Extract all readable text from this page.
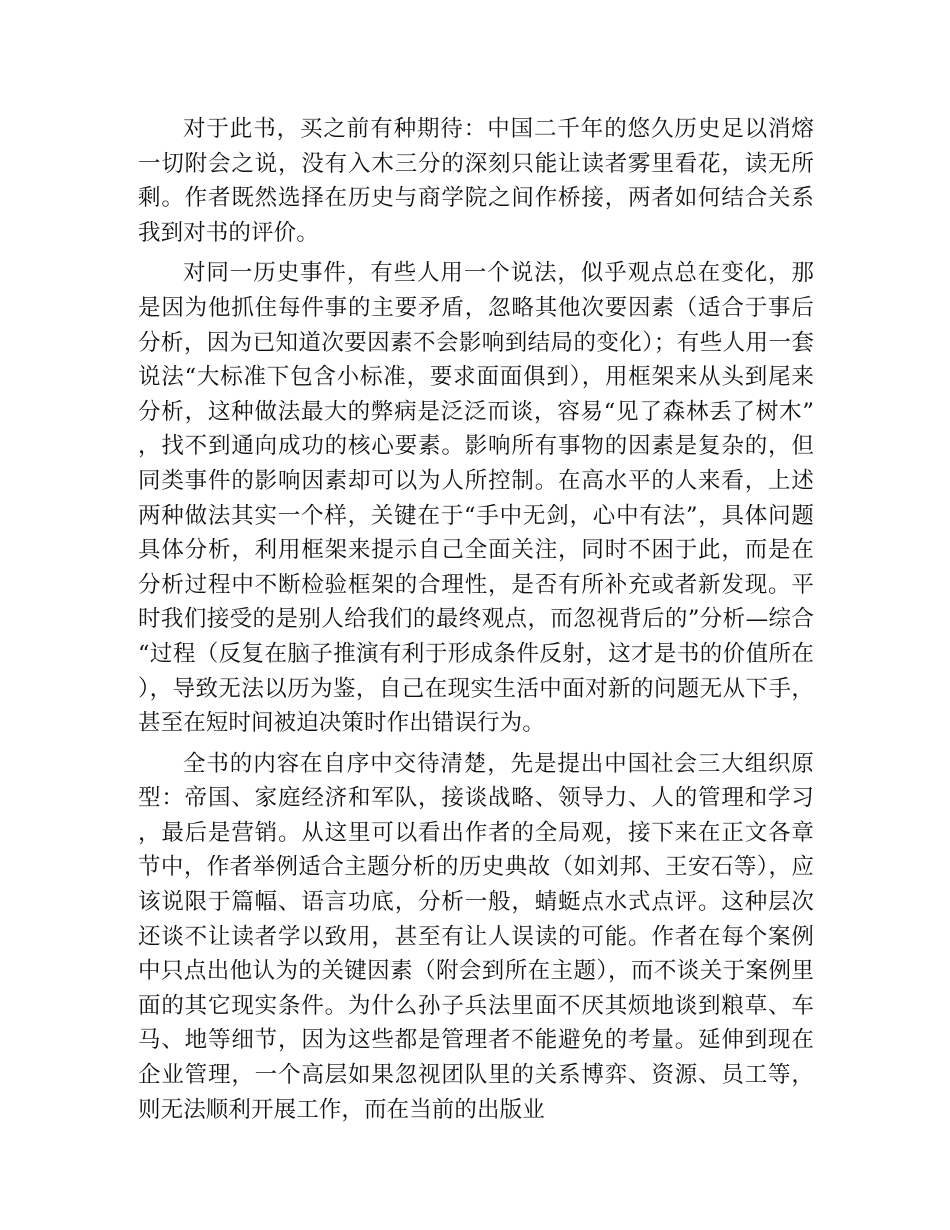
对于此书，买之前有种期待：中国二千年的悠久历史足以消熔一切附会之说，没有入木三分的深刻只能让读者雾里看花，读无所剩。作者既然选择在历史与商学院之间作桥接，两者如何结合关系我到对书的评价。

对同一历史事件，有些人用一个说法，似乎观点总在变化，那是因为他抓住每件事的主要矛盾，忽略其他次要因素（适合于事后分析，因为已知道次要因素不会影响到结局的变化）；有些人用一套说法“大标准下包含小标准，要求面面俱到），用框架来从头到尾来分析，这种做法最大的弊病是泛泛而谈，容易“见了森林丢了树木”，找不到通向成功的核心要素。影响所有事物的因素是复杂的，但同类事件的影响因素却可以为人所控制。在高水平的人来看，上述两种做法其实一个样，关键在于“手中无剑，心中有法”，具体问题具体分析，利用框架来提示自己全面关注，同时不困于此，而是在分析过程中不断检验框架的合理性，是否有所补充或者新发现。平时我们接受的是别人给我们的最终观点，而忽视背后的”分析—综合“过程（反复在脑子推演有利于形成条件反射，这才是书的价值所在），导致无法以历为鉴，自己在现实生活中面对新的问题无从下手，甚至在短时间被迫决策时作出错误行为。

全书的内容在自序中交待清楚，先是提出中国社会三大组织原型：帝国、家庭经济和军队，接谈战略、领导力、人的管理和学习，最后是营销。从这里可以看出作者的全局观，接下来在正文各章节中，作者举例适合主题分析的历史典故（如刘邦、王安石等），应该说限于篇幅、语言功底，分析一般，蜻蜓点水式点评。这种层次还谈不让读者学以致用，甚至有让人误读的可能。作者在每个案例中只点出他认为的关键因素（附会到所在主题），而不谈关于案例里面的其它现实条件。为什么孙子兵法里面不厌其烦地谈到粮草、车马、地等细节，因为这些都是管理者不能避免的考量。延伸到现在企业管理，一个高层如果忽视团队里的关系博弈、资源、员工等，则无法顺利开展工作，而在当前的出版业
